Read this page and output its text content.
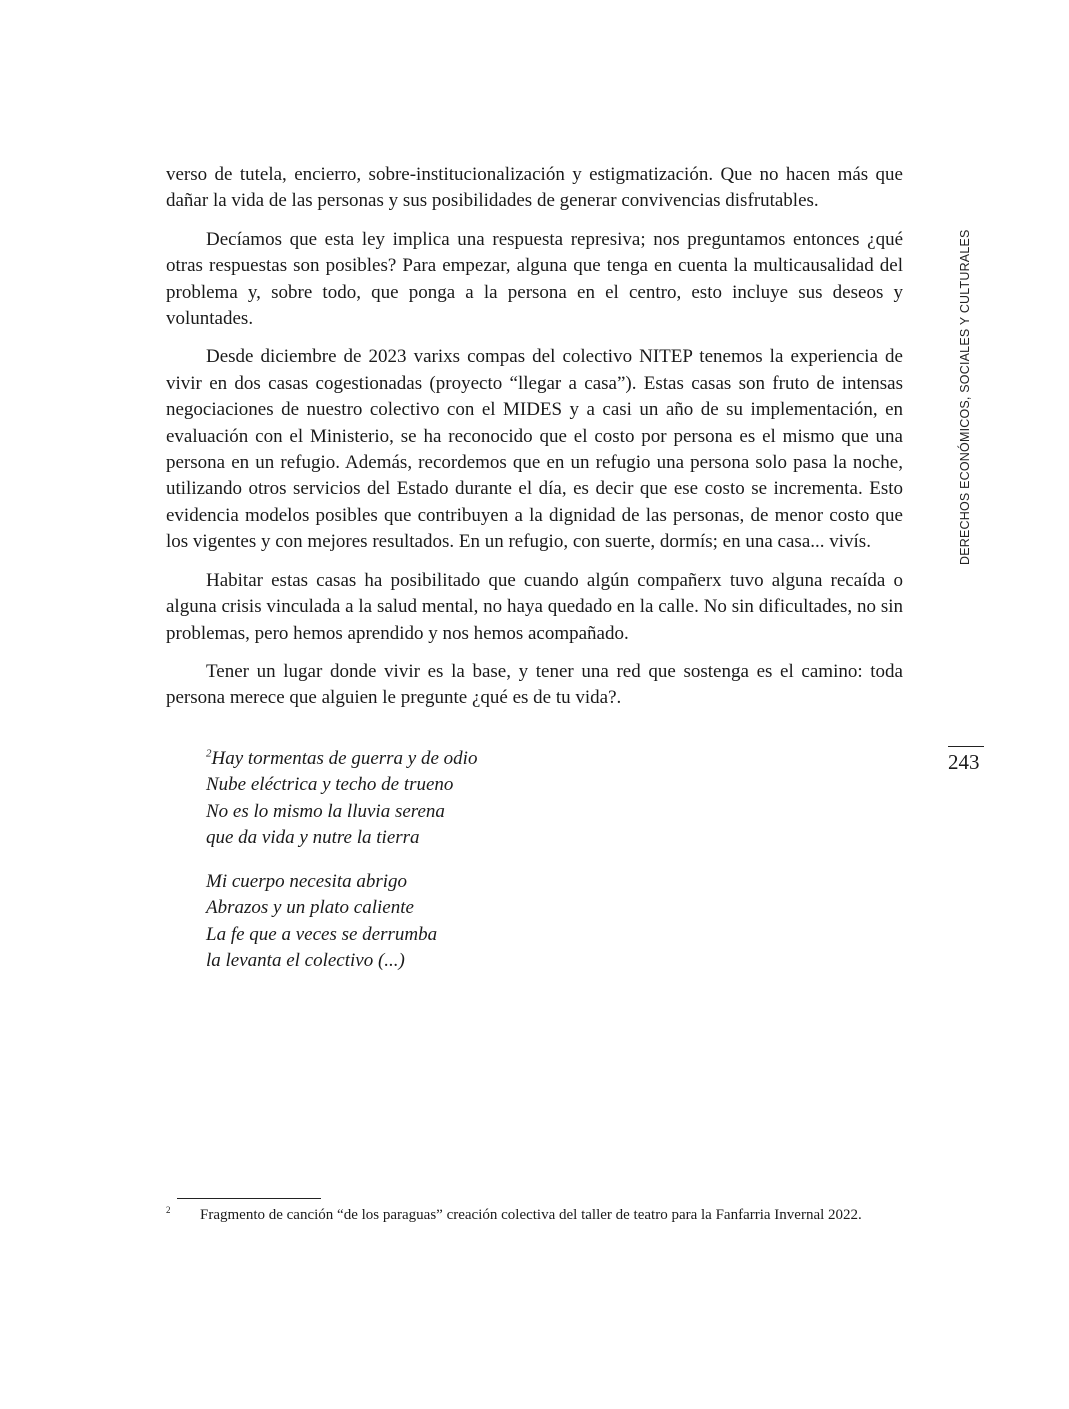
verso de tutela, encierro, sobre-institucionalización y estigmatización. Que no hacen más que dañar la vida de las personas y sus posibilidades de generar convivencias disfrutables.

Decíamos que esta ley implica una respuesta represiva; nos preguntamos entonces ¿qué otras respuestas son posibles? Para empezar, alguna que tenga en cuenta la multicausalidad del problema y, sobre todo, que ponga a la persona en el centro, esto incluye sus deseos y voluntades.

Desde diciembre de 2023 varixs compas del colectivo NITEP tenemos la experiencia de vivir en dos casas cogestionadas (proyecto “llegar a casa”). Estas casas son fruto de intensas negociaciones de nuestro colectivo con el MIDES y a casi un año de su implementación, en evaluación con el Ministerio, se ha reconocido que el costo por persona es el mismo que una persona en un refugio. Además, recordemos que en un refugio una persona solo pasa la noche, utilizando otros servicios del Estado durante el día, es decir que ese costo se incrementa. Esto evidencia modelos posibles que contribuyen a la dignidad de las personas, de menor costo que los vigentes y con mejores resultados. En un refugio, con suerte, dormís; en una casa... vivís.

Habitar estas casas ha posibilitado que cuando algún compañerx tuvo alguna recaída o alguna crisis vinculada a la salud mental, no haya quedado en la calle. No sin dificultades, no sin problemas, pero hemos aprendido y nos hemos acompañado.

Tener un lugar donde vivir es la base, y tener una red que sostenga es el camino: toda persona merece que alguien le pregunte ¿qué es de tu vida?.

$^2$Hay tormentas de guerra y de odio
Nube eléctrica y techo de trueno
No es lo mismo la lluvia serena
que da vida y nutre la tierra
Mi cuerpo necesita abrigo
Abrazos y un plato caliente
La fe que a veces se derrumba
la levanta el colectivo (...)
DERECHOS ECONÓMICOS, SOCIALES Y CULTURALES
243
2 Fragmento de canción “de los paraguas” creación colectiva del taller de teatro para la Fanfarria Invernal 2022.
